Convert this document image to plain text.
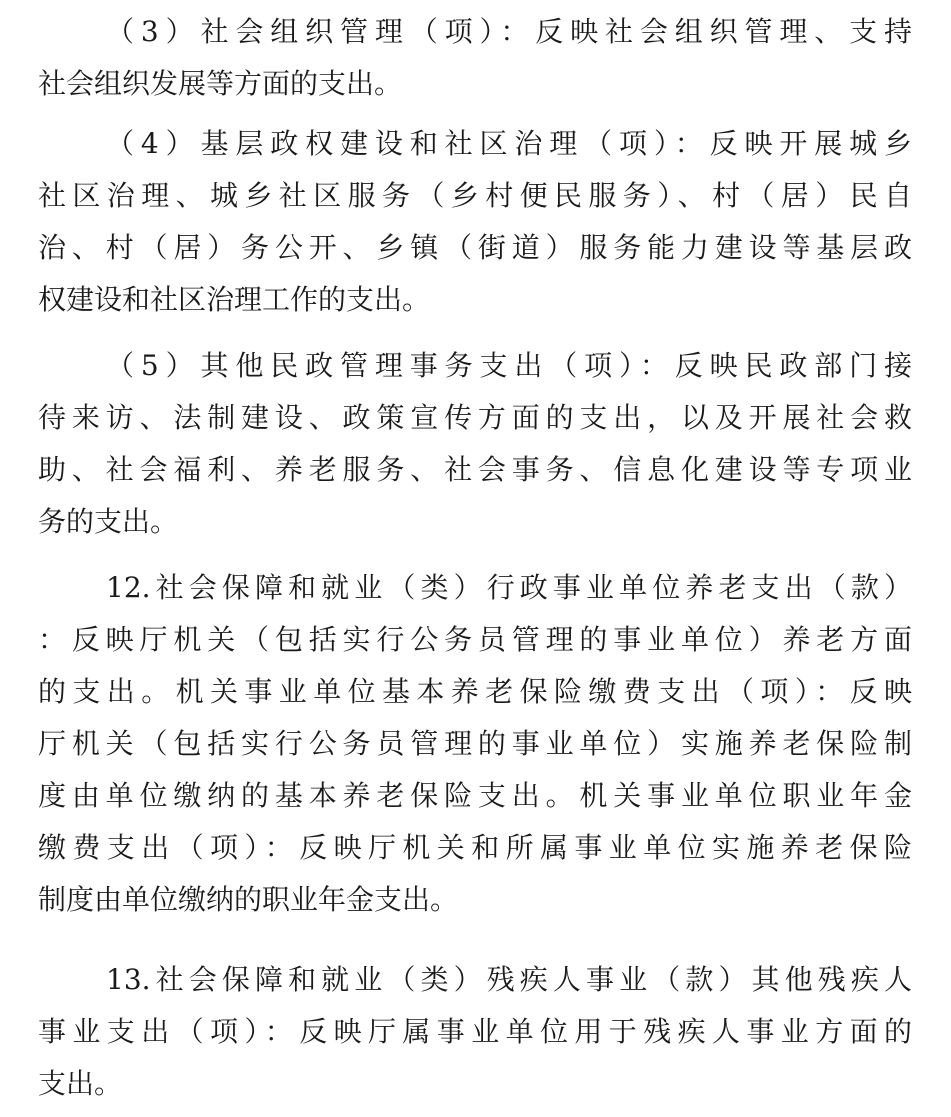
（3）社会组织管理（项）：反映社会组织管理、支持
社会组织发展等方面的支出。
（4）基层政权建设和社区治理（项）：反映开展城乡
社区治理、城乡社区服务（乡村便民服务）、村（居）民自
治、村（居）务公开、乡镇（街道）服务能力建设等基层政
权建设和社区治理工作的支出。
（5）其他民政管理事务支出（项）：反映民政部门接
待来访、法制建设、政策宣传方面的支出，以及开展社会救
助、社会福利、养老服务、社会事务、信息化建设等专项业
务的支出。
12.社会保障和就业（类）行政事业单位养老支出（款）
：反映厅机关（包括实行公务员管理的事业单位）养老方面
的支出。机关事业单位基本养老保险缴费支出（项）：反映
厅机关（包括实行公务员管理的事业单位）实施养老保险制
度由单位缴纳的基本养老保险支出。机关事业单位职业年金
缴费支出（项）：反映厅机关和所属事业单位实施养老保险
制度由单位缴纳的职业年金支出。
13.社会保障和就业（类）残疾人事业（款）其他残疾人
事业支出（项）：反映厅属事业单位用于残疾人事业方面的
支出。
